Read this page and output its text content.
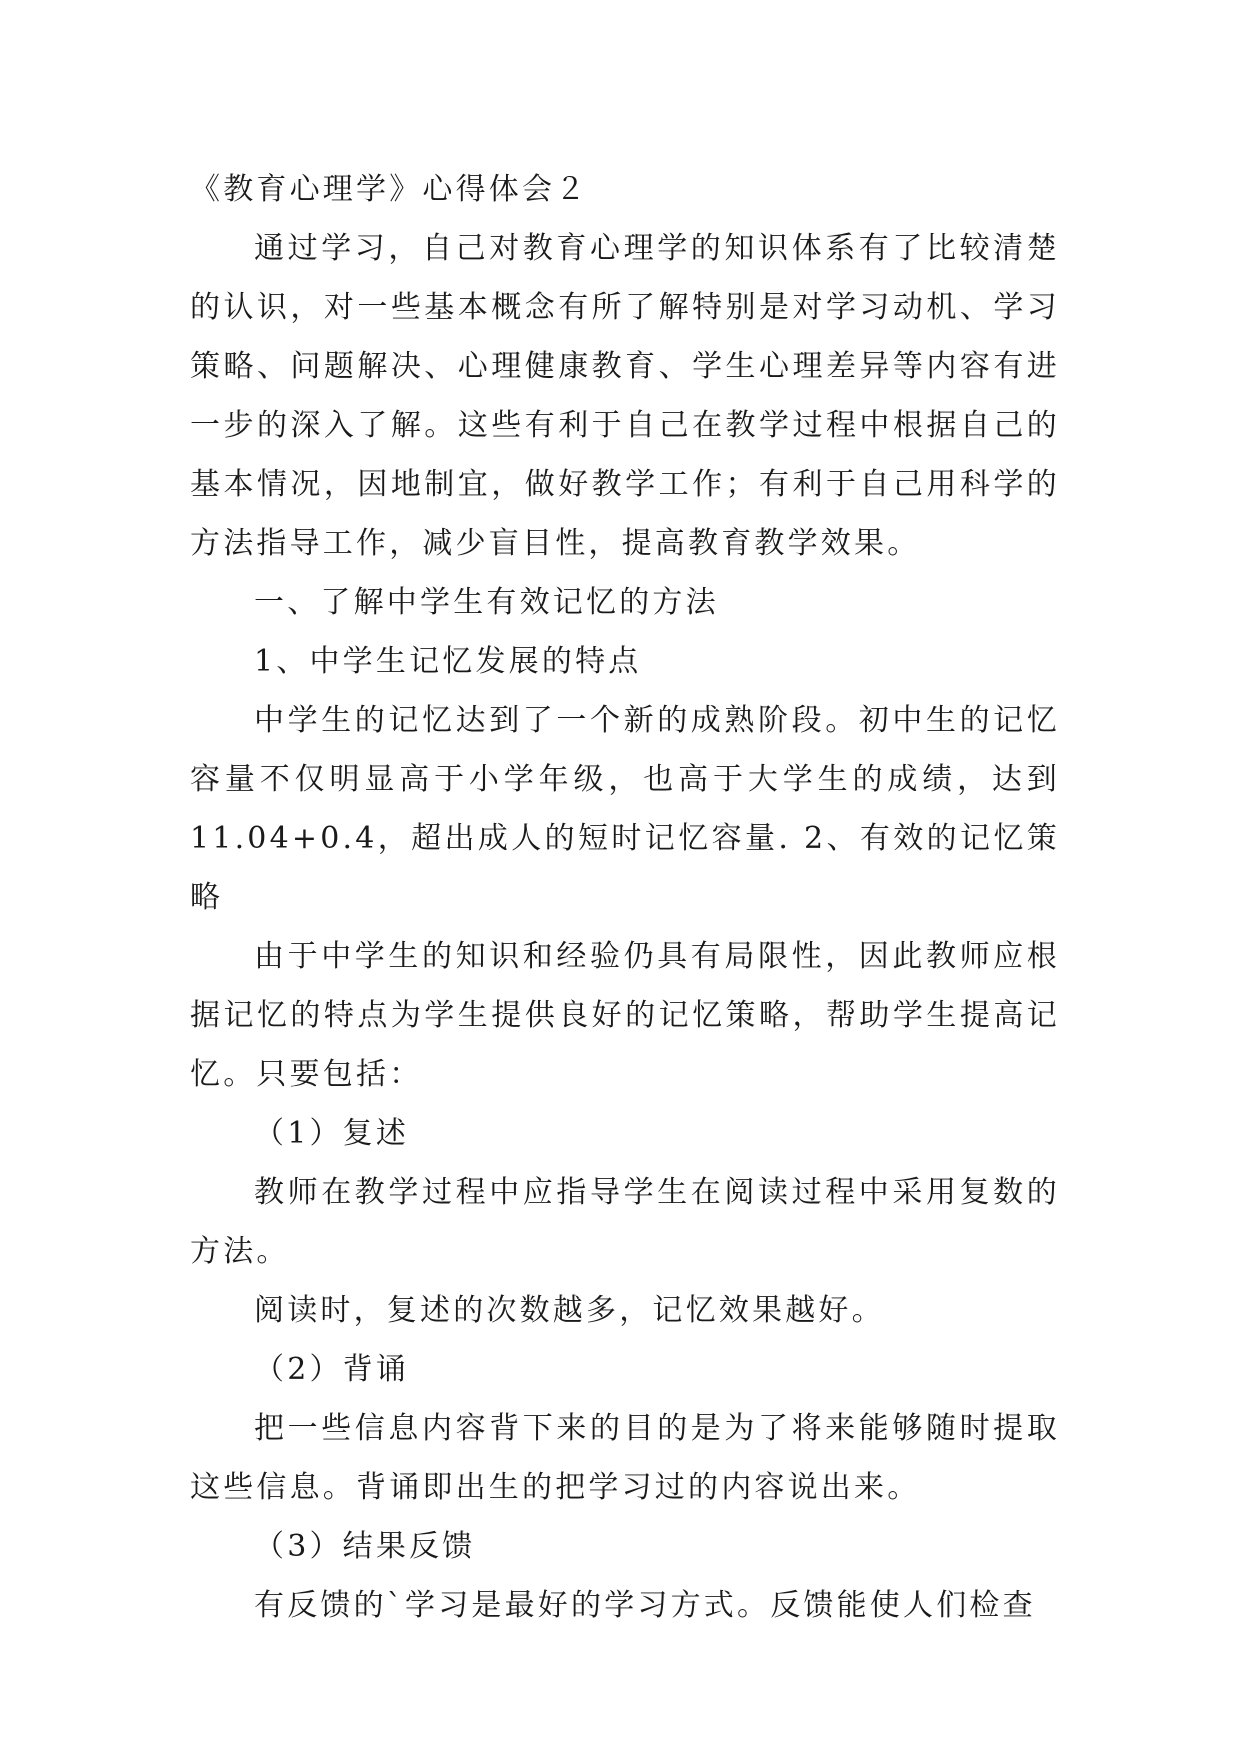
《教育心理学》心得体会２

通过学习，自己对教育心理学的知识体系有了比较清楚的认识，对一些基本概念有所了解特别是对学习动机、学习策略、问题解决、心理健康教育、学生心理差异等内容有进一步的深入了解。这些有利于自己在教学过程中根据自己的基本情况，因地制宜，做好教学工作；有利于自己用科学的方法指导工作，减少盲目性，提高教育教学效果。

一、了解中学生有效记忆的方法

1、中学生记忆发展的特点

中学生的记忆达到了一个新的成熟阶段。初中生的记忆容量不仅明显高于小学年级，也高于大学生的成绩，达到11.04+0.4，超出成人的短时记忆容量. 2、有效的记忆策略

由于中学生的知识和经验仍具有局限性，因此教师应根据记忆的特点为学生提供良好的记忆策略，帮助学生提高记忆。只要包括：

（1）复述

教师在教学过程中应指导学生在阅读过程中采用复数的方法。

阅读时，复述的次数越多，记忆效果越好。

（2）背诵

把一些信息内容背下来的目的是为了将来能够随时提取这些信息。背诵即出生的把学习过的内容说出来。

（3）结果反馈

有反馈的`学习是最好的学习方式。反馈能使人们检查
